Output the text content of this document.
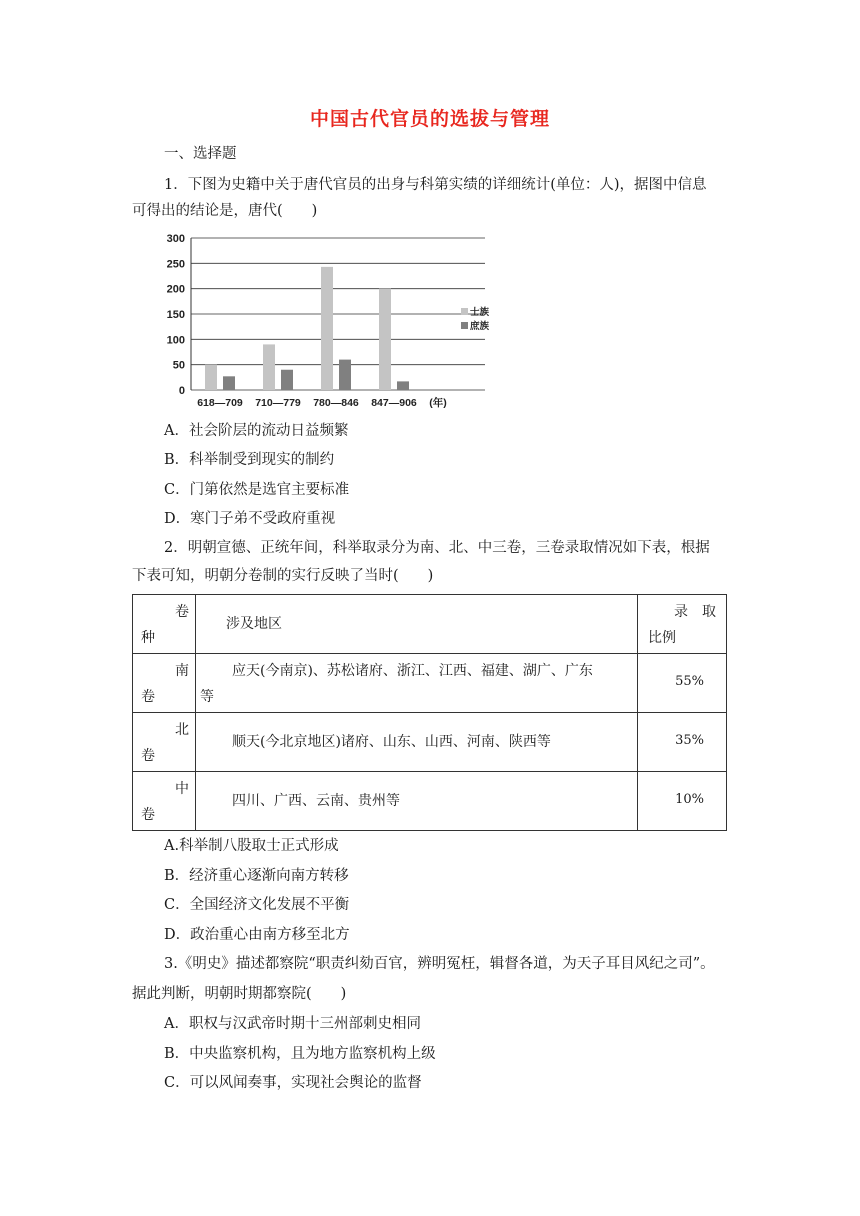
中国古代官员的选拔与管理
一、选择题
1．下图为史籍中关于唐代官员的出身与科第实绩的详细统计(单位：人)，据图中信息
可得出的结论是，唐代(　　)
0
50
100
150
200
250
300
618—709 710—779 780—846 847—906 (年)
士族
庶族
A．社会阶层的流动日益频繁
B．科举制受到现实的制约
C．门第依然是选官主要标准
D．寒门子弟不受政府重视
2．明朝宣德、正统年间，科举取录分为南、北、中三卷，三卷录取情况如下表，根据
下表可知，明朝分卷制的实行反映了当时(　　)
卷
种	涉及地区	录　取
比例

南
卷	应天(今南京)、苏松诸府、浙江、江西、福建、湖广、广东
等	55%

北
卷	顺天(今北京地区)诸府、山东、山西、河南、陕西等	35%

中
卷	四川、广西、云南、贵州等	10%
A.科举制八股取士正式形成
B．经济重心逐渐向南方转移
C．全国经济文化发展不平衡
D．政治重心由南方移至北方
3.《明史》描述都察院“职责纠劾百官，辨明冤枉，辑督各道，为天子耳目风纪之司”。
据此判断，明朝时期都察院(　　)
A．职权与汉武帝时期十三州部刺史相同
B．中央监察机构，且为地方监察机构上级
C．可以风闻奏事，实现社会舆论的监督
